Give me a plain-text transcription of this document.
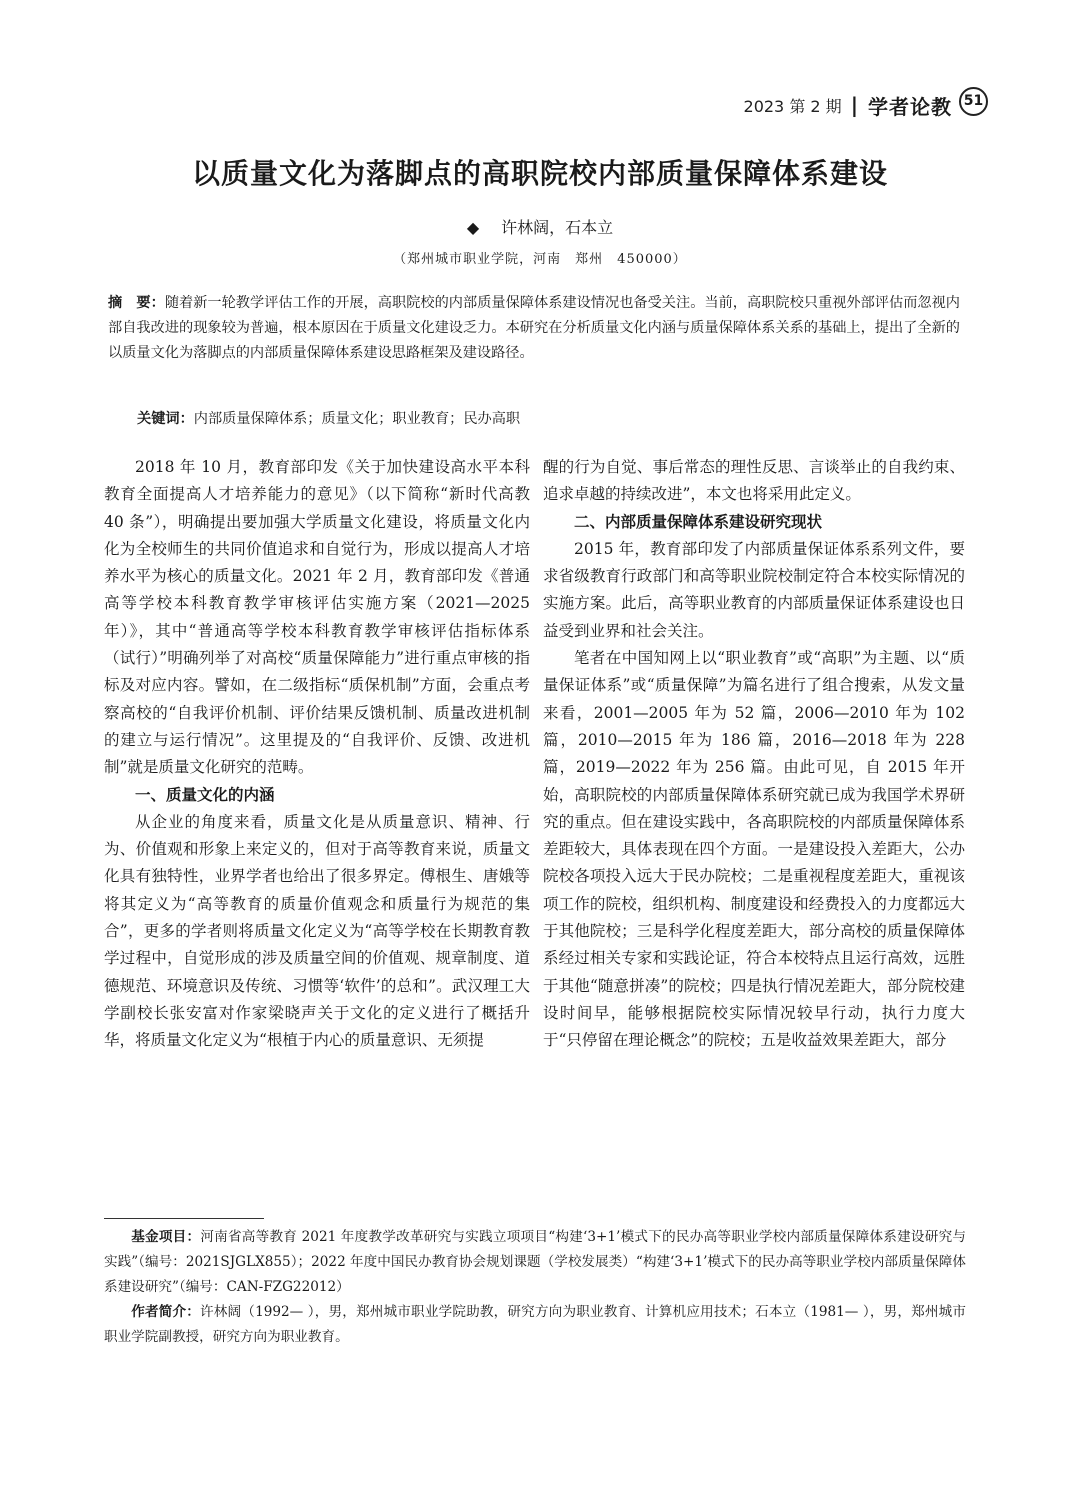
2023 第 2 期 | 学者论教 51
以质量文化为落脚点的高职院校内部质量保障体系建设
◆ 许林阔，石本立
（郑州城市职业学院，河南　郑州　450000）

摘　要：随着新一轮教学评估工作的开展，高职院校的内部质量保障体系建设情况也备受关注。当前，高职院校只重视外部评估而忽视内部自我改进的现象较为普遍，根本原因在于质量文化建设乏力。本研究在分析质量文化内涵与质量保障体系关系的基础上，提出了全新的以质量文化为落脚点的内部质量保障体系建设思路框架及建设路径。

关键词：内部质量保障体系；质量文化；职业教育；民办高职

2018 年 10 月，教育部印发《关于加快建设高水平本科教育全面提高人才培养能力的意见》（以下简称“新时代高教 40 条”），明确提出要加强大学质量文化建设，将质量文化内化为全校师生的共同价值追求和自觉行为，形成以提高人才培养水平为核心的质量文化。2021 年 2 月，教育部印发《普通高等学校本科教育教学审核评估实施方案（2021—2025 年）》，其中“普通高等学校本科教育教学审核评估指标体系（试行）”明确列举了对高校“质量保障能力”进行重点审核的指标及对应内容。譬如，在二级指标“质保机制”方面，会重点考察高校的“自我评价机制、评价结果反馈机制、质量改进机制的建立与运行情况”。这里提及的“自我评价、反馈、改进机制”就是质量文化研究的范畴。

一、质量文化的内涵

从企业的角度来看，质量文化是从质量意识、精神、行为、价值观和形象上来定义的，但对于高等教育来说，质量文化具有独特性，业界学者也给出了很多界定。傅根生、唐娥等将其定义为“高等教育的质量价值观念和质量行为规范的集合”，更多的学者则将质量文化定义为“高等学校在长期教育教学过程中，自觉形成的涉及质量空间的价值观、规章制度、道德规范、环境意识及传统、习惯等‘软件’的总和”。武汉理工大学副校长张安富对作家梁晓声关于文化的定义进行了概括升华，将质量文化定义为“根植于内心的质量意识、无须提

醒的行为自觉、事后常态的理性反思、言谈举止的自我约束、追求卓越的持续改进”，本文也将采用此定义。

二、内部质量保障体系建设研究现状

2015 年，教育部印发了内部质量保证体系系列文件，要求省级教育行政部门和高等职业院校制定符合本校实际情况的实施方案。此后，高等职业教育的内部质量保证体系建设也日益受到业界和社会关注。

笔者在中国知网上以“职业教育”或“高职”为主题、以“质量保证体系”或“质量保障”为篇名进行了组合搜索，从发文量来看，2001—2005 年为 52 篇，2006—2010 年为 102 篇，2010—2015 年为 186 篇，2016—2018 年为 228 篇，2019—2022 年为 256 篇。由此可见，自 2015 年开始，高职院校的内部质量保障体系研究就已成为我国学术界研究的重点。但在建设实践中，各高职院校的内部质量保障体系差距较大，具体表现在四个方面。一是建设投入差距大，公办院校各项投入远大于民办院校；二是重视程度差距大，重视该项工作的院校，组织机构、制度建设和经费投入的力度都远大于其他院校；三是科学化程度差距大，部分高校的质量保障体系经过相关专家和实践论证，符合本校特点且运行高效，远胜于其他“随意拼凑”的院校；四是执行情况差距大，部分院校建设时间早，能够根据院校实际情况较早行动，执行力度大于“只停留在理论概念”的院校；五是收益效果差距大，部分

基金项目：河南省高等教育 2021 年度教学改革研究与实践立项项目“构建‘3+1’模式下的民办高等职业学校内部质量保障体系建设研究与实践”（编号：2021SJGLX855）；2022 年度中国民办教育协会规划课题（学校发展类）“构建‘3+1’模式下的民办高等职业学校内部质量保障体系建设研究”（编号：CAN-FZG22012）

作者简介：许林阔（1992— ），男，郑州城市职业学院助教，研究方向为职业教育、计算机应用技术；石本立（1981— ），男，郑州城市职业学院副教授，研究方向为职业教育。
